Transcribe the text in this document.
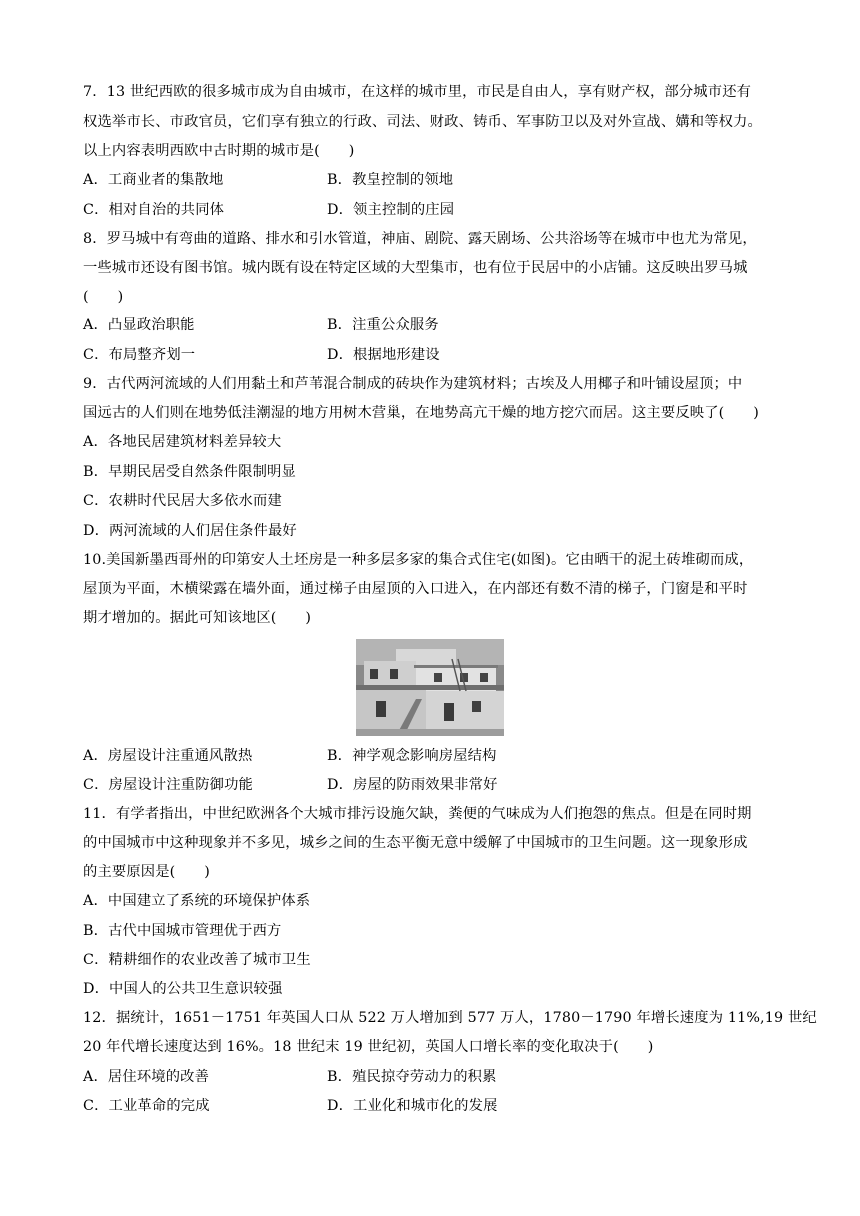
7．13 世纪西欧的很多城市成为自由城市，在这样的城市里，市民是自由人，享有财产权，部分城市还有
权选举市长、市政官员，它们享有独立的行政、司法、财政、铸币、军事防卫以及对外宣战、媾和等权力。
以上内容表明西欧中古时期的城市是(　　)
A．工商业者的集散地	B．教皇控制的领地
C．相对自治的共同体	D．领主控制的庄园
8．罗马城中有弯曲的道路、排水和引水管道，神庙、剧院、露天剧场、公共浴场等在城市中也尤为常见，
一些城市还设有图书馆。城内既有设在特定区域的大型集市，也有位于民居中的小店铺。这反映出罗马城
(　　)
A．凸显政治职能	B．注重公众服务
C．布局整齐划一	D．根据地形建设
9．古代两河流域的人们用黏土和芦苇混合制成的砖块作为建筑材料；古埃及人用椰子和叶铺设屋顶；中
国远古的人们则在地势低洼潮湿的地方用树木营巢，在地势高亢干燥的地方挖穴而居。这主要反映了(　　)
A．各地民居建筑材料差异较大
B．早期民居受自然条件限制明显
C．农耕时代民居大多依水而建
D．两河流域的人们居住条件最好
10.美国新墨西哥州的印第安人土坯房是一种多层多家的集合式住宅(如图)。它由晒干的泥土砖堆砌而成，
屋顶为平面，木横梁露在墙外面，通过梯子由屋顶的入口进入，在内部还有数不清的梯子，门窗是和平时
期才增加的。据此可知该地区(　　)
A．房屋设计注重通风散热	B．神学观念影响房屋结构
C．房屋设计注重防御功能	D．房屋的防雨效果非常好
11．有学者指出，中世纪欧洲各个大城市排污设施欠缺，粪便的气味成为人们抱怨的焦点。但是在同时期
的中国城市中这种现象并不多见，城乡之间的生态平衡无意中缓解了中国城市的卫生问题。这一现象形成
的主要原因是(　　)
A．中国建立了系统的环境保护体系
B．古代中国城市管理优于西方
C．精耕细作的农业改善了城市卫生
D．中国人的公共卫生意识较强
12．据统计，1651－1751 年英国人口从 522 万人增加到 577 万人，1780－1790 年增长速度为 11%,19 世纪
20 年代增长速度达到 16%。18 世纪末 19 世纪初，英国人口增长率的变化取决于(　　)
A．居住环境的改善	B．殖民掠夺劳动力的积累
C．工业革命的完成	D．工业化和城市化的发展
